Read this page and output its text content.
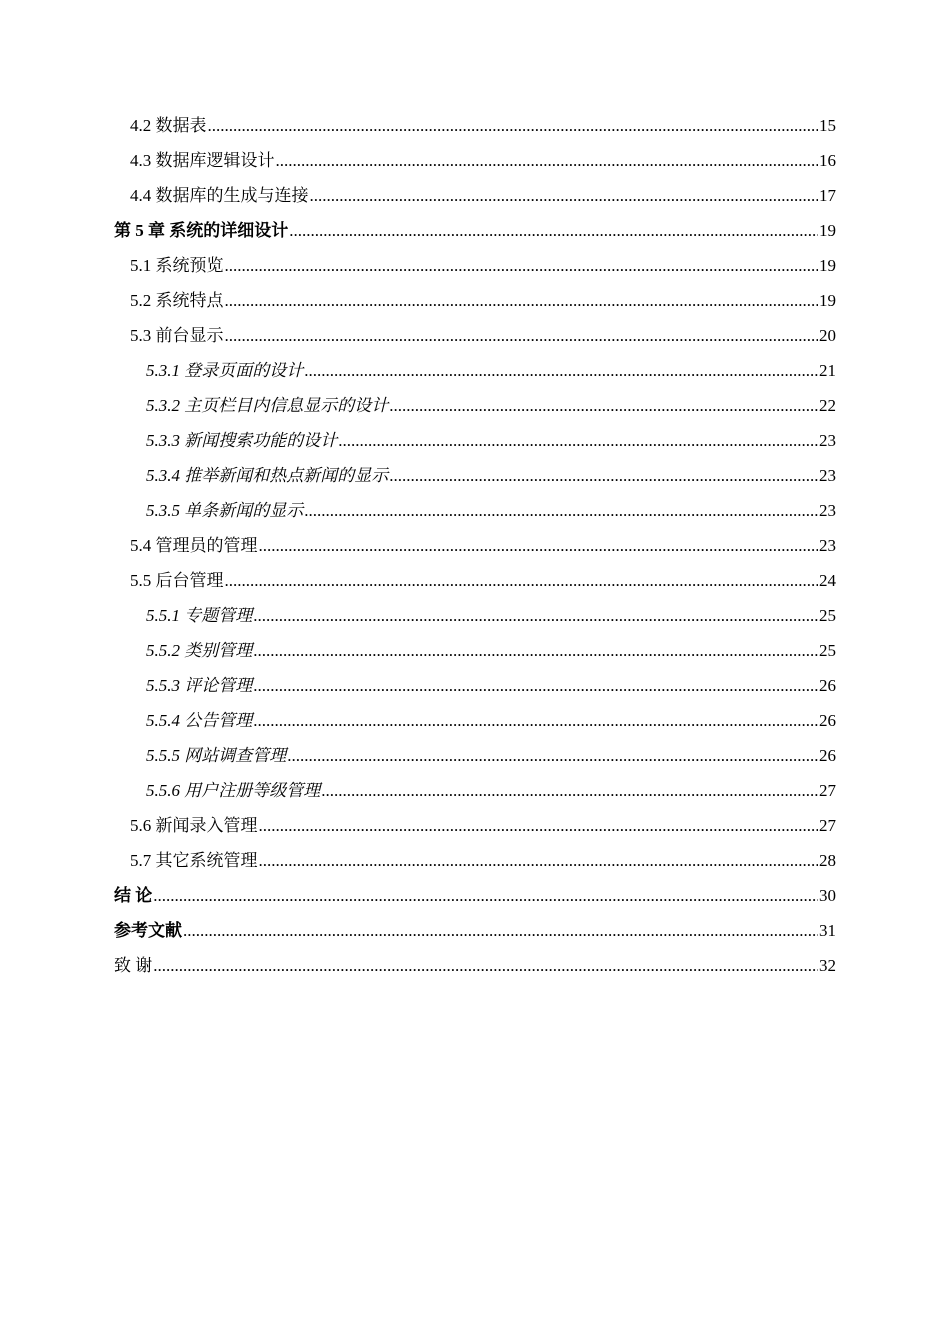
4.2 数据表 .....	15
4.3 数据库逻辑设计 .....	16
4.4 数据库的生成与连接 .....	17
第 5 章 系统的详细设计 .....	19
5.1 系统预览 .....	19
5.2 系统特点 .....	19
5.3 前台显示 .....	20
5.3.1 登录页面的设计 .....	21
5.3.2 主页栏目内信息显示的设计 .....	22
5.3.3 新闻搜索功能的设计 .....	23
5.3.4 推举新闻和热点新闻的显示 .....	23
5.3.5 单条新闻的显示 .....	23
5.4 管理员的管理 .....	23
5.5 后台管理 .....	24
5.5.1 专题管理 .....	25
5.5.2 类别管理 .....	25
5.5.3 评论管理 .....	26
5.5.4 公告管理 .....	26
5.5.5 网站调查管理 .....	26
5.5.6 用户注册等级管理 .....	27
5.6 新闻录入管理 .....	27
5.7 其它系统管理 .....	28
结 论 .....	30
参考文献 .....	31
致 谢 .....	32
